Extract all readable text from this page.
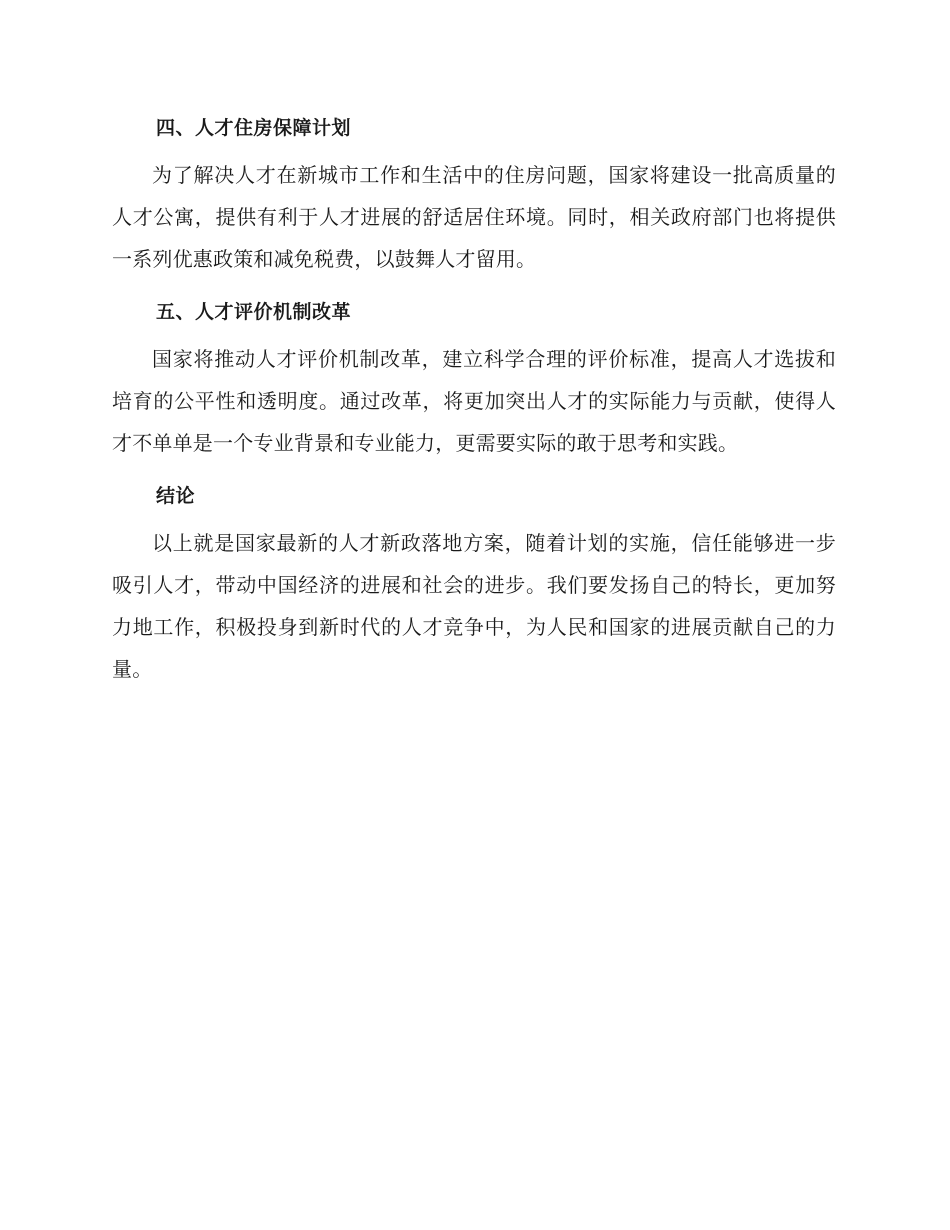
四、人才住房保障计划

为了解决人才在新城市工作和生活中的住房问题，国家将建设一批高质量的人才公寓，提供有利于人才进展的舒适居住环境。同时，相关政府部门也将提供一系列优惠政策和减免税费，以鼓舞人才留用。

五、人才评价机制改革

国家将推动人才评价机制改革，建立科学合理的评价标准，提高人才选拔和培育的公平性和透明度。通过改革，将更加突出人才的实际能力与贡献，使得人才不单单是一个专业背景和专业能力，更需要实际的敢于思考和实践。

结论

以上就是国家最新的人才新政落地方案，随着计划的实施，信任能够进一步吸引人才，带动中国经济的进展和社会的进步。我们要发扬自己的特长，更加努力地工作，积极投身到新时代的人才竞争中，为人民和国家的进展贡献自己的力量。
